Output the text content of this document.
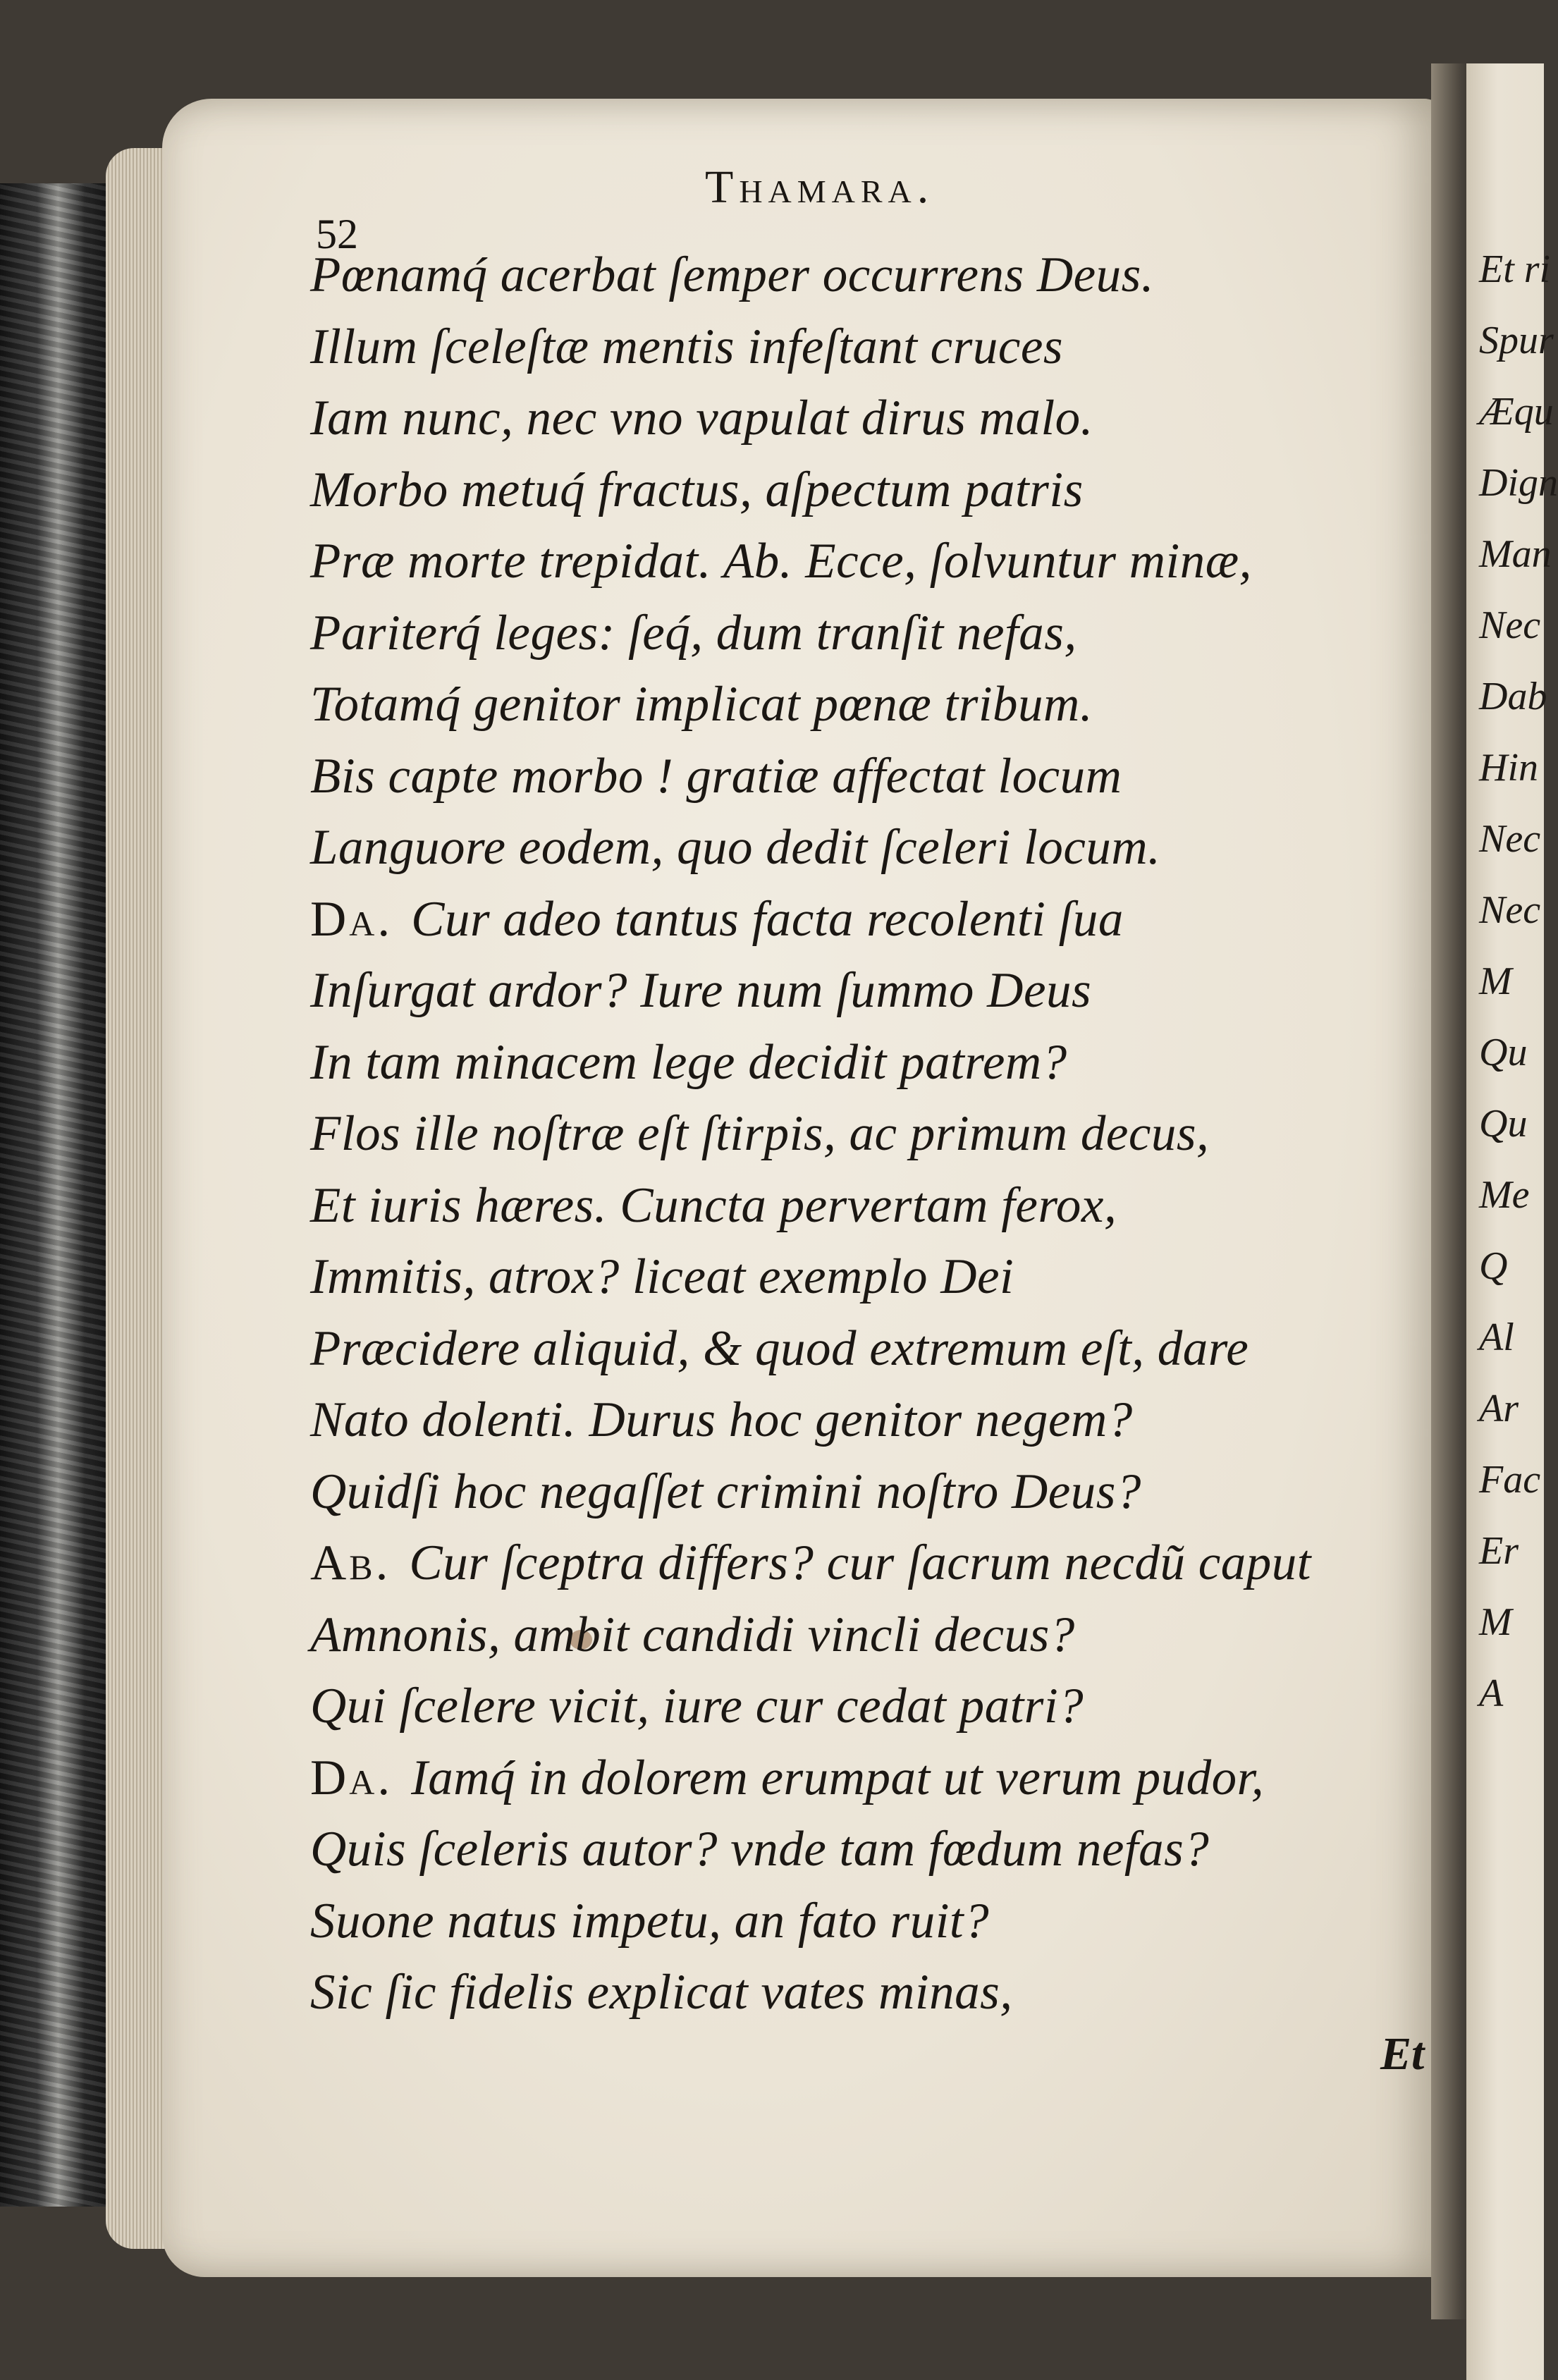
Thamara.
52
Pœnamq́ acerbat ſemper occurrens Deus.
Illum ſceleſtæ mentis infeſtant cruces
Iam nunc, nec vno vapulat dirus malo.
Morbo metuq́ fractus, aſpectum patris
Præ morte trepidat. Ab. Ecce, ſolvuntur minæ,
Pariterq́ leges: ſeq́, dum tranſit nefas,
Totamq́ genitor implicat pœnæ tribum.
Bis capte morbo ! gratiæ affectat locum
Languore eodem, quo dedit ſceleri locum.
Da. Cur adeo tantus facta recolenti ſua
Inſurgat ardor? Iure num ſummo Deus
In tam minacem lege decidit patrem?
Flos ille noſtræ eſt ſtirpis, ac primum decus,
Et iuris hæres. Cuncta pervertam ferox,
Immitis, atrox? liceat exemplo Dei
Præcidere aliquid, & quod extremum eſt, dare
Nato dolenti. Durus hoc genitor negem?
Quidſi hoc negaſſet crimini noſtro Deus?
Ab. Cur ſceptra differs? cur ſacrum necdũ caput
Amnonis, ambit candidi vincli decus?
Qui ſcelere vicit, iure cur cedat patri?
Da. Iamq́ in dolorem erumpat ut verum pudor,
Quis ſceleris autor? vnde tam fœdum nefas?
Suone natus impetu, an fato ruit?
Sic ſic fidelis explicat vates minas,
Et
Et ri
Spur
Æqu
Dign
Man
Nec
Dab
Hin
Nec
Nec
M
Qu
Qu
Me
Q
Al
Ar
Fac
Er
M
A
